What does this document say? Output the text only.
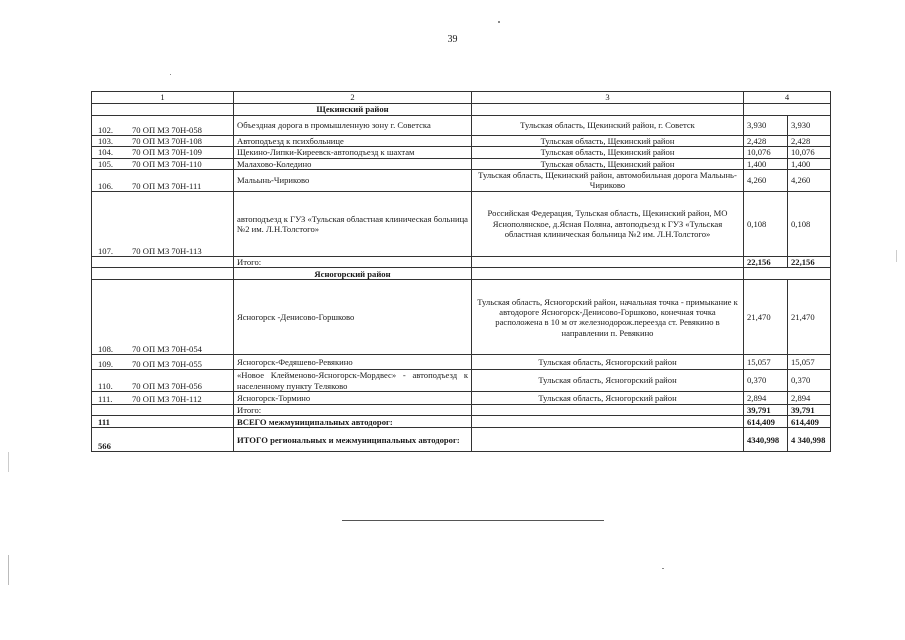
39
1	2	3	4	
	Щекинский район			
102. 70 ОП МЗ 70Н-058	Объездная дорога в промышленную зону г. Советска	Тульская область, Щекинский район, г. Советск	3,930	3,930
103. 70 ОП МЗ 70Н-108	Автоподъезд к психбольнице	Тульская область, Щекинский район	2,428	2,428
104. 70 ОП МЗ 70Н-109	Щекино-Липки-Киреевск-автоподъезд к шахтам	Тульская область, Щекинский район	10,076	10,076
105. 70 ОП МЗ 70Н-110	Малахово-Коледино	Тульская область, Щекинский район	1,400	1,400
106. 70 ОП МЗ 70Н-111	Мальынь-Чириково	Тульская область, Щекинский район, автомобильная дорога Мальынь-Чириково	4,260	4,260
107. 70 ОП МЗ 70Н-113	автоподъезд к ГУЗ «Тульская областная клиническая больница №2 им. Л.Н.Толстого»	Российская Федерация, Тульская область, Щекинский район, МО Яснополянское, д.Ясная Поляна, автоподъезд к ГУЗ «Тульская областная клиническая больница №2 им. Л.Н.Толстого»	0,108	0,108
	Итого:		22,156	22,156
	Ясногорский район			
108. 70 ОП МЗ 70Н-054	Ясногорск -Денисово-Горшково	Тульская область, Ясногорский район, начальная точка - примыкание к автодороге Ясногорск-Денисово-Горшково, конечная точка расположена в 10 м от железнодорож.переезда ст. Ревякино в направлении п. Ревякино	21,470	21,470
109. 70 ОП МЗ 70Н-055	Ясногорск-Федяшево-Ревякино	Тульская область, Ясногорский район	15,057	15,057
110. 70 ОП МЗ 70Н-056	«Новое Клейменово-Ясногорск-Мордвес» - автоподъезд к населенному пункту Теляково	Тульская область, Ясногорский район	0,370	0,370
111. 70 ОП МЗ 70Н-112	Ясногорск-Тормино	Тульская область, Ясногорский район	2,894	2,894
	Итого:		39,791	39,791
111	ВСЕГО межмуниципальных автодорог:		614,409	614,409
566	ИТОГО региональных и межмуниципальных автодорог:		4340,998	4 340,998
